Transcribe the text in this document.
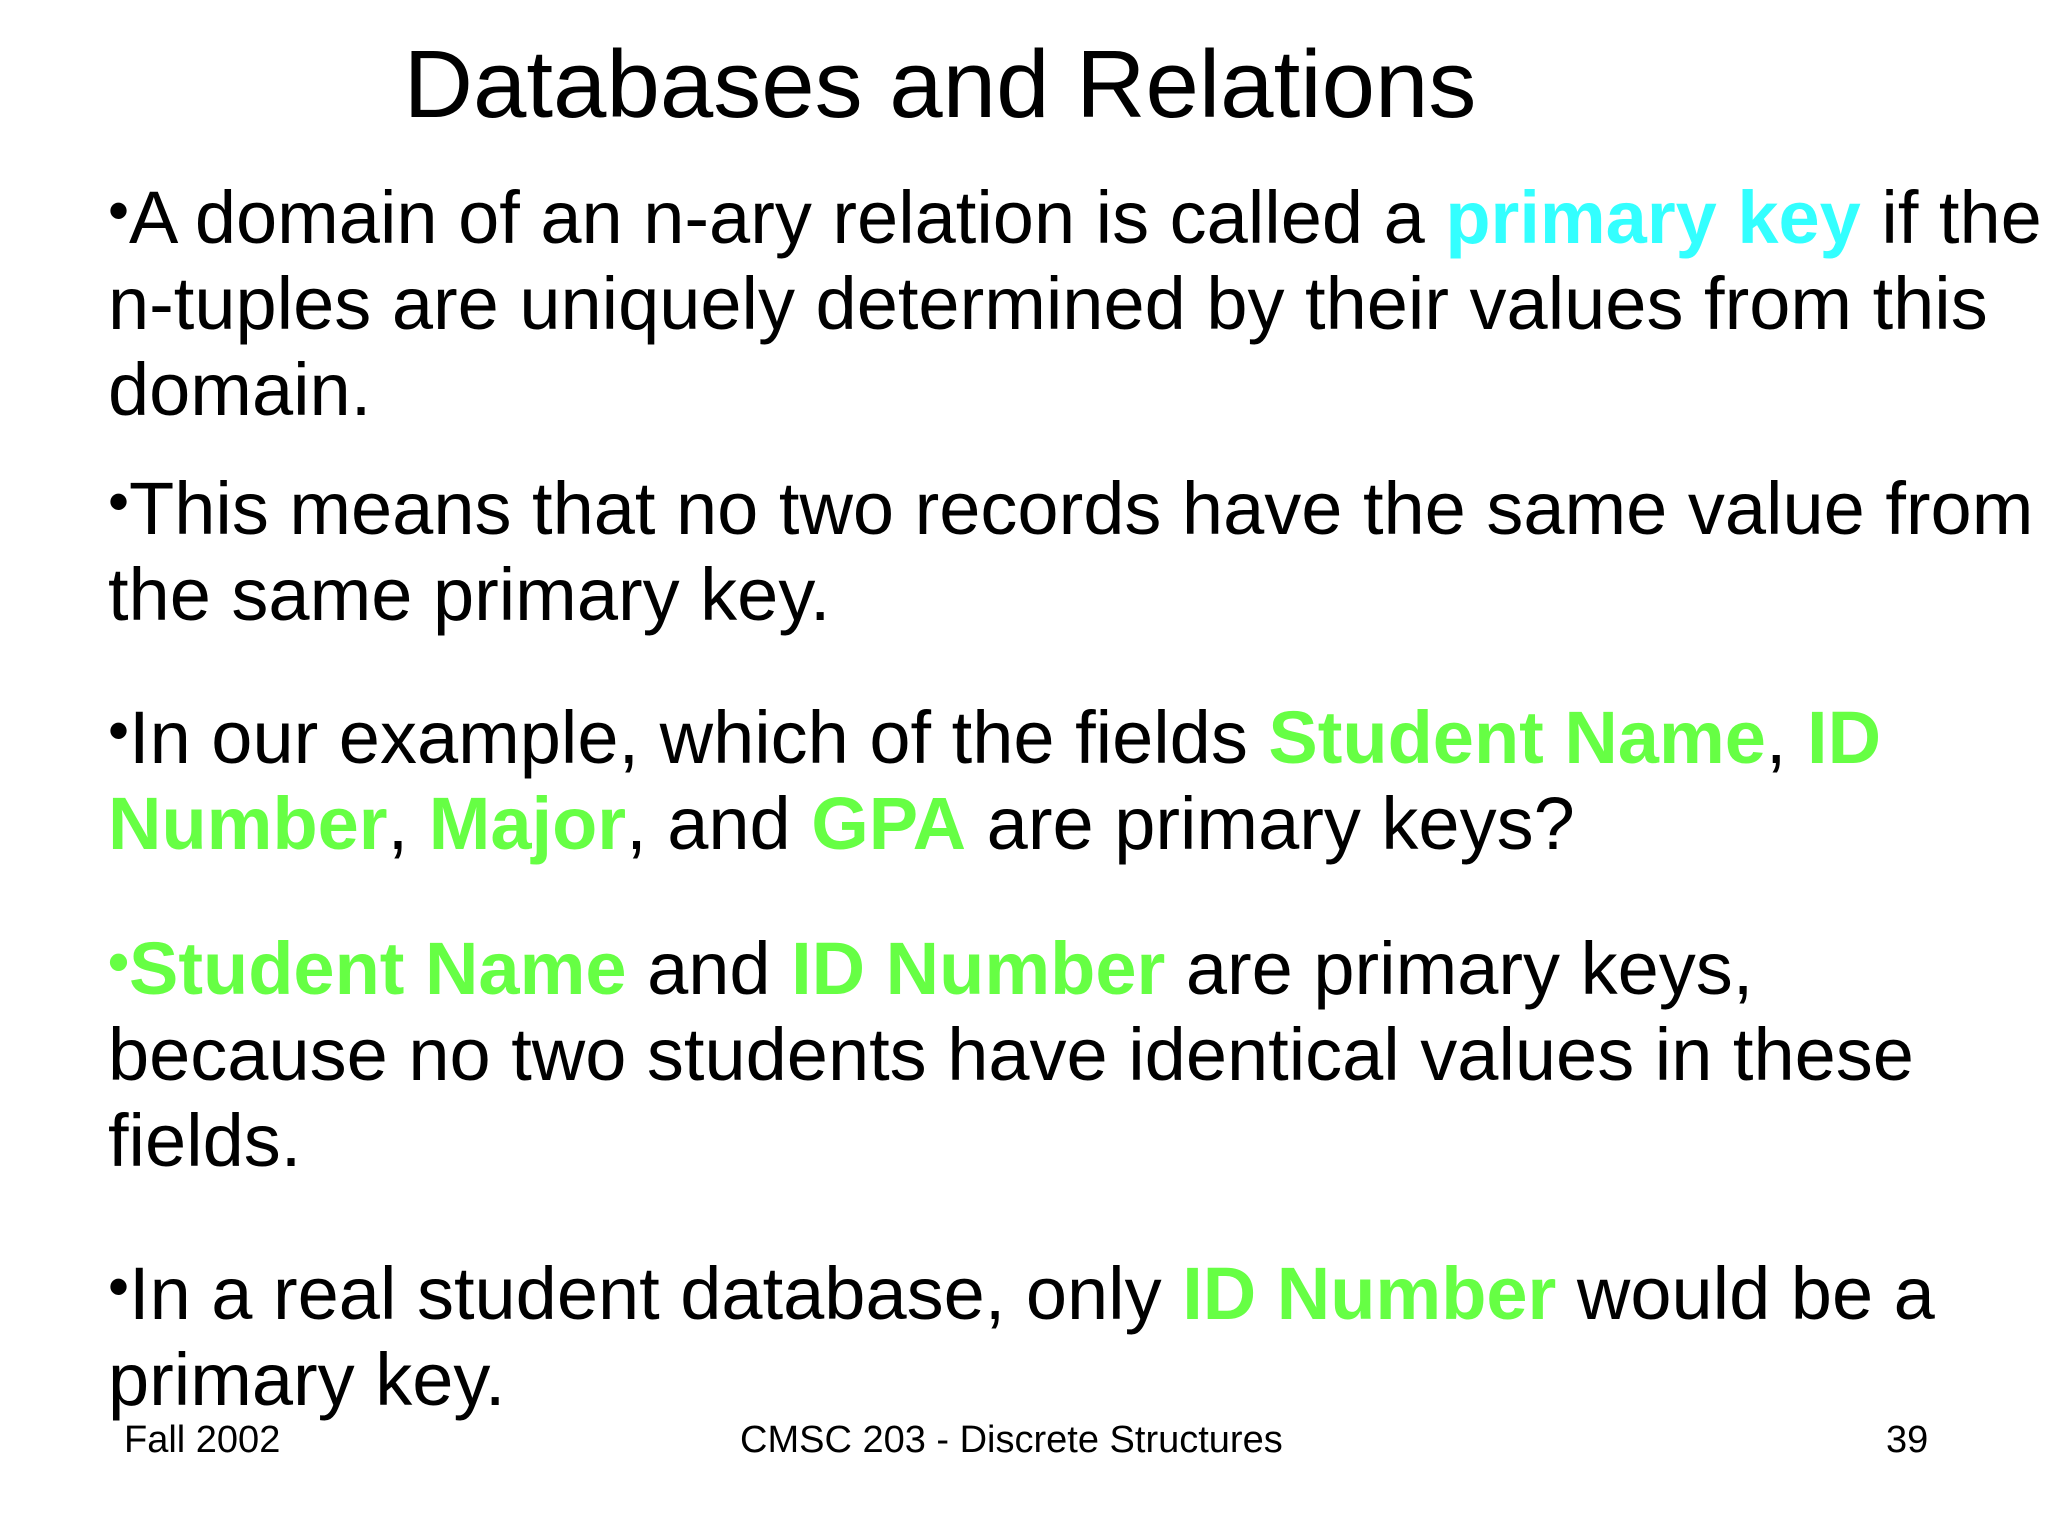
Databases and Relations

•A domain of an n-ary relation is called a primary key if the n-tuples are uniquely determined by their values from this domain.

•This means that no two records have the same value from the same primary key.

•In our example, which of the fields Student Name, ID Number, Major, and GPA are primary keys?

•Student Name and ID Number are primary keys, because no two students have identical values in these fields.

•In a real student database, only ID Number would be a primary key.

Fall 2002	CMSC 203 - Discrete Structures	39
